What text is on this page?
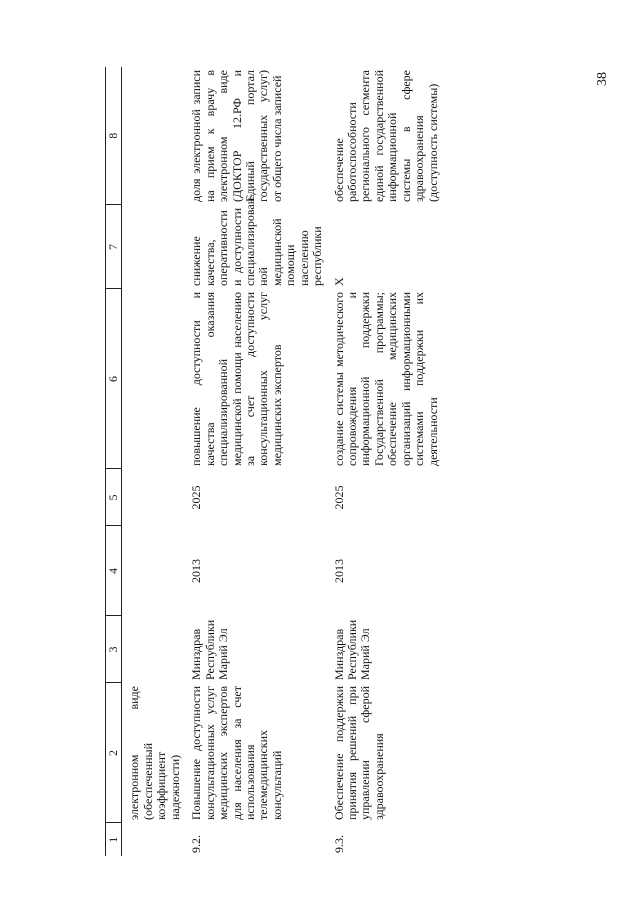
38
1	2	3	4	5	6	7	8
	электронном виде (обеспеченный коэффициент надежности)						
9.2.	Повышение доступности консультационных услуг медицинских экспертов для населения за счет использования телемедицинских консультаций	Минздрав Республики Марий Эл	2013	2025	повышение доступности и качества оказания специализированной медицинской помощи населению за счет доступности консультационных услуг медицинских экспертов	снижение качества, оперативности и доступности специализирован-ной медицинской помощи населению республики	доля электронной записи на прием к врачу в электронном виде (ДОКТОР 12.РФ и Единый портал государственных услуг) от общего числа записей
9.3.	Обеспечение поддержки принятия решений при управлении сферой здравоохранения	Минздрав Республики Марий Эл	2013	2025	создание системы методического сопровождения и информационной поддержки Государственной программы; обеспечение медицинских организаций информационными системами поддержки их деятельности	X	обеспечение работоспособности регионального сегмента единой государственной информационной системы в сфере здравоохранения (доступность системы)
